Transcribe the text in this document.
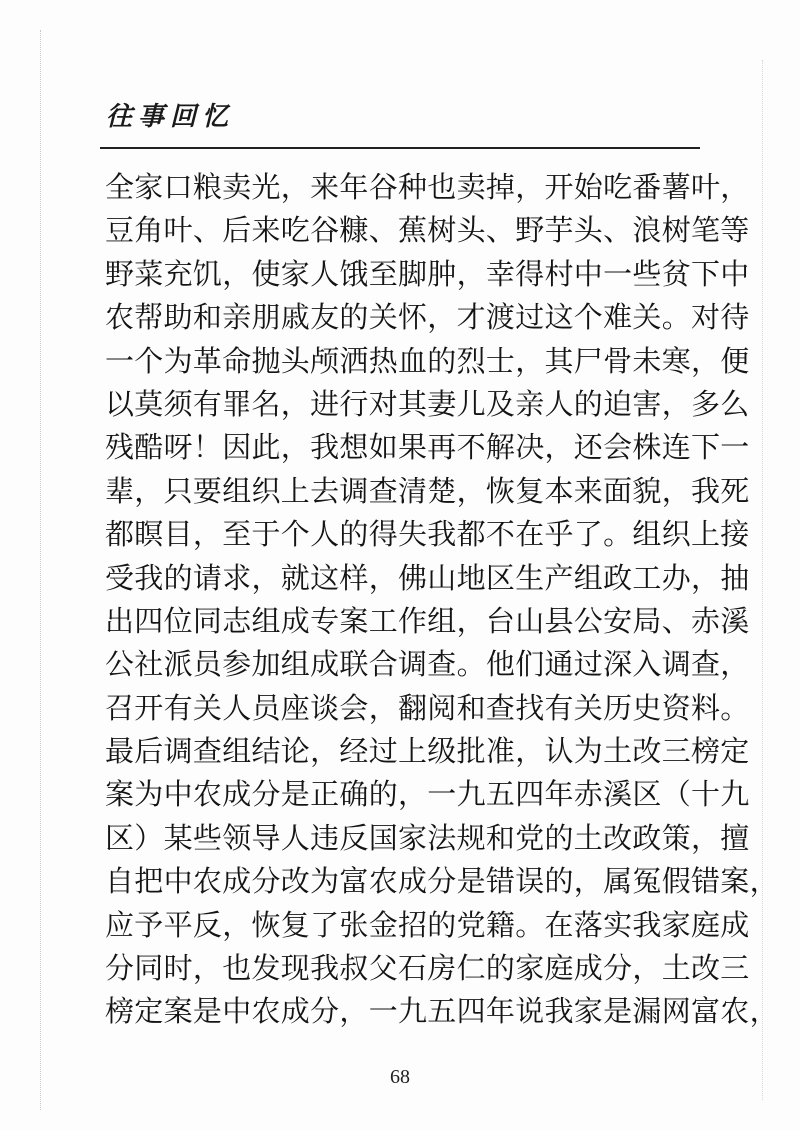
往事回忆
全家口粮卖光，来年谷种也卖掉，开始吃番薯叶，
豆角叶、后来吃谷糠、蕉树头、野芋头、浪树笔等
野菜充饥，使家人饿至脚肿，幸得村中一些贫下中
农帮助和亲朋戚友的关怀，才渡过这个难关。对待
一个为革命抛头颅洒热血的烈士，其尸骨未寒，便
以莫须有罪名，进行对其妻儿及亲人的迫害，多么
残酷呀！因此，我想如果再不解决，还会株连下一
辈，只要组织上去调查清楚，恢复本来面貌，我死
都瞑目，至于个人的得失我都不在乎了。组织上接
受我的请求，就这样，佛山地区生产组政工办，抽
出四位同志组成专案工作组，台山县公安局、赤溪
公社派员参加组成联合调查。他们通过深入调查，
召开有关人员座谈会，翻阅和查找有关历史资料。
最后调查组结论，经过上级批准，认为土改三榜定
案为中农成分是正确的，一九五四年赤溪区（十九
区）某些领导人违反国家法规和党的土改政策，擅
自把中农成分改为富农成分是错误的，属冤假错案，
应予平反，恢复了张金招的党籍。在落实我家庭成
分同时，也发现我叔父石房仁的家庭成分，土改三
榜定案是中农成分，一九五四年说我家是漏网富农，
68
